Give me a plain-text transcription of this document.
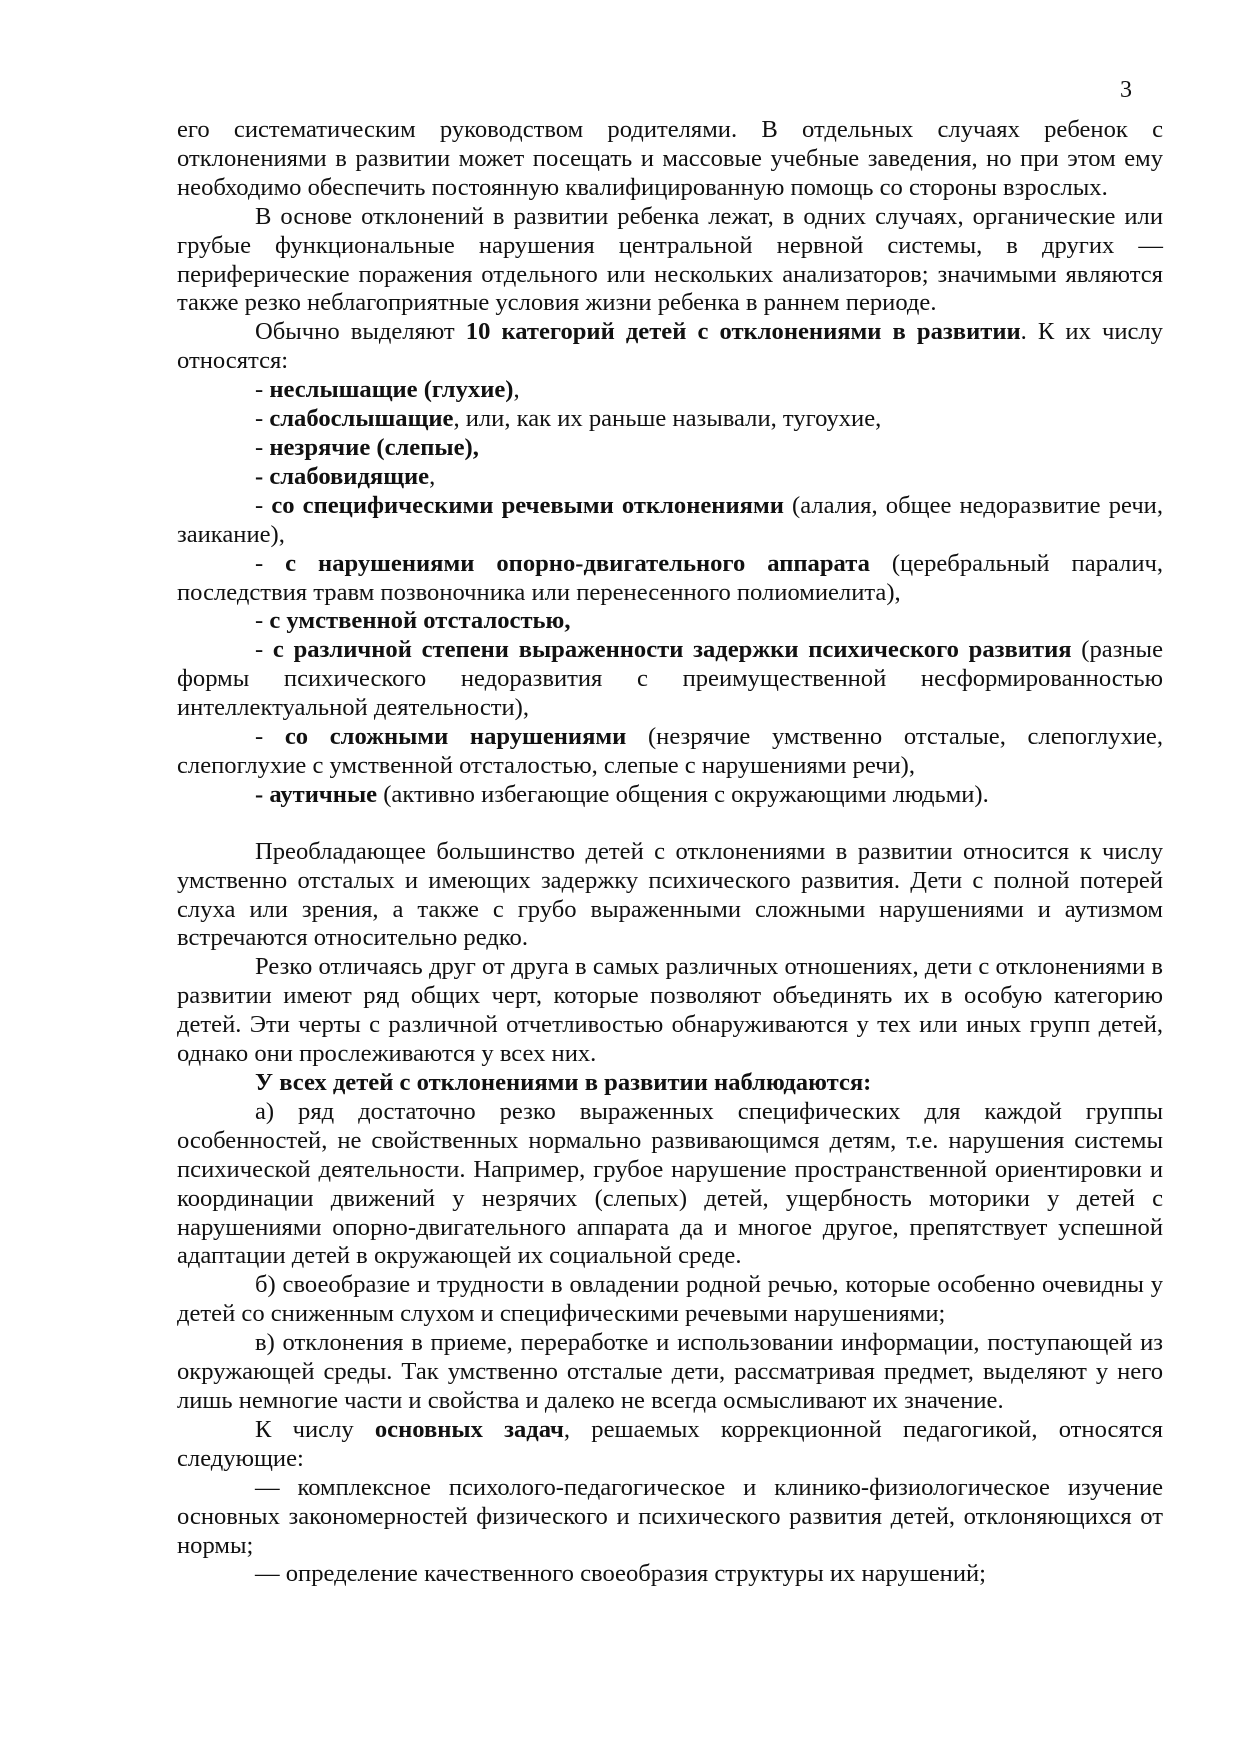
3

его систематическим руководством родителями. В отдельных случаях ребенок с отклонениями в развитии может посещать и массовые учебные заведения, но при этом ему необходимо обеспечить постоянную квалифицированную помощь со стороны взрослых.

В основе отклонений в развитии ребенка лежат, в одних случаях, органические или грубые функциональные нарушения центральной нервной системы, в других — периферические поражения отдельного или нескольких анализаторов; значимыми являются также резко неблагоприятные условия жизни ребенка в раннем периоде.

Обычно выделяют 10 категорий детей с отклонениями в развитии. К их числу относятся:

- неслышащие (глухие),

- слабослышащие, или, как их раньше называли, тугоухие,

- незрячие (слепые),

- слабовидящие,

- со специфическими речевыми отклонениями (алалия, общее недоразвитие речи, заикание),

- с нарушениями опорно-двигательного аппарата (церебральный паралич, последствия травм позвоночника или перенесенного полиомиелита),

- с умственной отсталостью,

- с различной степени выраженности задержки психического развития (разные формы психического недоразвития с преимущественной несформированностью интеллектуальной деятельности),

- со сложными нарушениями (незрячие умственно отсталые, слепоглухие, слепоглухие с умственной отсталостью, слепые с нарушениями речи),

- аутичные (активно избегающие общения с окружающими людьми).

Преобладающее большинство детей с отклонениями в развитии относится к числу умственно отсталых и имеющих задержку психического развития. Дети с полной потерей слуха или зрения, а также с грубо выраженными сложными нарушениями и аутизмом встречаются относительно редко.

Резко отличаясь друг от друга в самых различных отношениях, дети с отклонениями в развитии имеют ряд общих черт, которые позволяют объединять их в особую категорию детей. Эти черты с различной отчетливостью обнаруживаются у тех или иных групп детей, однако они прослеживаются у всех них.

У всех детей с отклонениями в развитии наблюдаются:

а) ряд достаточно резко выраженных специфических для каждой группы особенностей, не свойственных нормально развивающимся детям, т.е. нарушения системы психической деятельности. Например, грубое нарушение пространственной ориентировки и координации движений у незрячих (слепых) детей, ущербность моторики у детей с нарушениями опорно-двигательного аппарата да и многое другое, препятствует успешной адаптации детей в окружающей их социальной среде.

б) своеобразие и трудности в овладении родной речью, которые особенно очевидны у детей со сниженным слухом и специфическими речевыми нарушениями;

в) отклонения в приеме, переработке и использовании информации, поступающей из окружающей среды. Так умственно отсталые дети, рассматривая предмет, выделяют у него лишь немногие части и свойства и далеко не всегда осмысливают их значение.

К числу основных задач, решаемых коррекционной педагогикой, относятся следующие:

— комплексное психолого-педагогическое и клинико-физиологическое изучение основных закономерностей физического и психического развития детей, отклоняющихся от нормы;

— определение качественного своеобразия структуры их нарушений;
